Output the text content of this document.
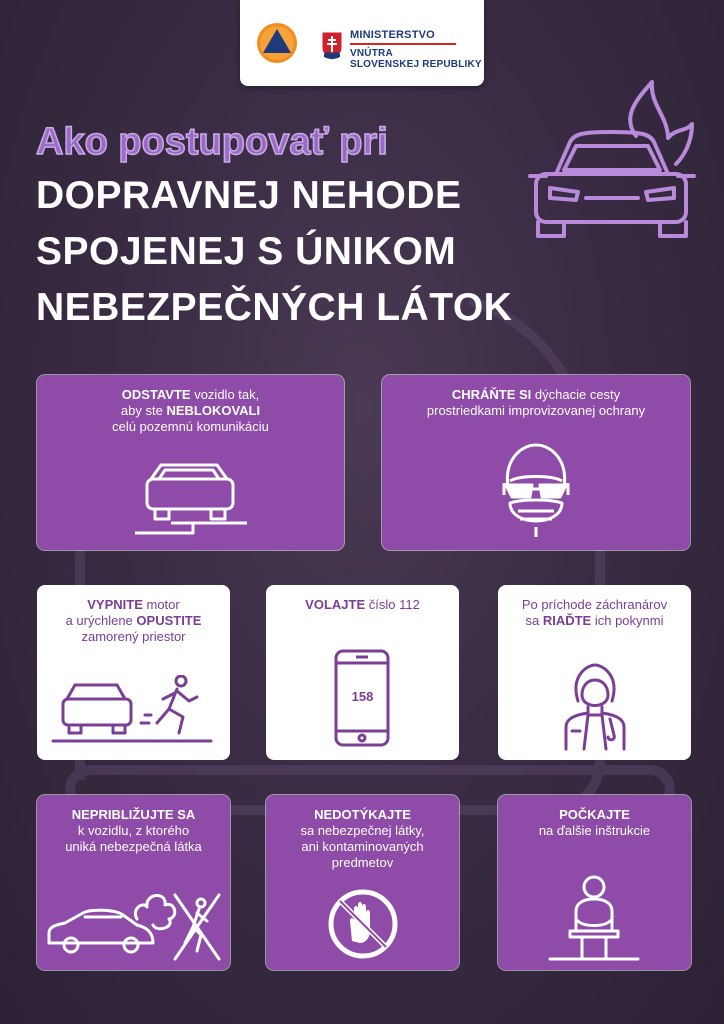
MINISTERSTVO
VNÚTRA
SLOVENSKEJ REPUBLIKY
Ako postupovať pri
DOPRAVNEJ NEHODE
SPOJENEJ S ÚNIKOM
NEBEZPEČNÝCH LÁTOK
ODSTAVTE vozidlo tak,
aby ste NEBLOKOVALI
celú pozemnú komunikáciu
CHRÁŇTE SI dýchacie cesty
prostriedkami improvizovanej ochrany
VYPNITE motor
a urýchlene OPUSTITE
zamorený priestor
VOLAJTE číslo 112
158
Po príchode záchranárov
sa RIAĎTE ich pokynmi
NEPRIBLIŽUJTE SA
k vozidlu, z ktorého
uniká nebezpečná látka
NEDOTÝKAJTE
sa nebezpečnej látky,
ani kontaminovaných
predmetov
POČKAJTE
na ďalšie inštrukcie
